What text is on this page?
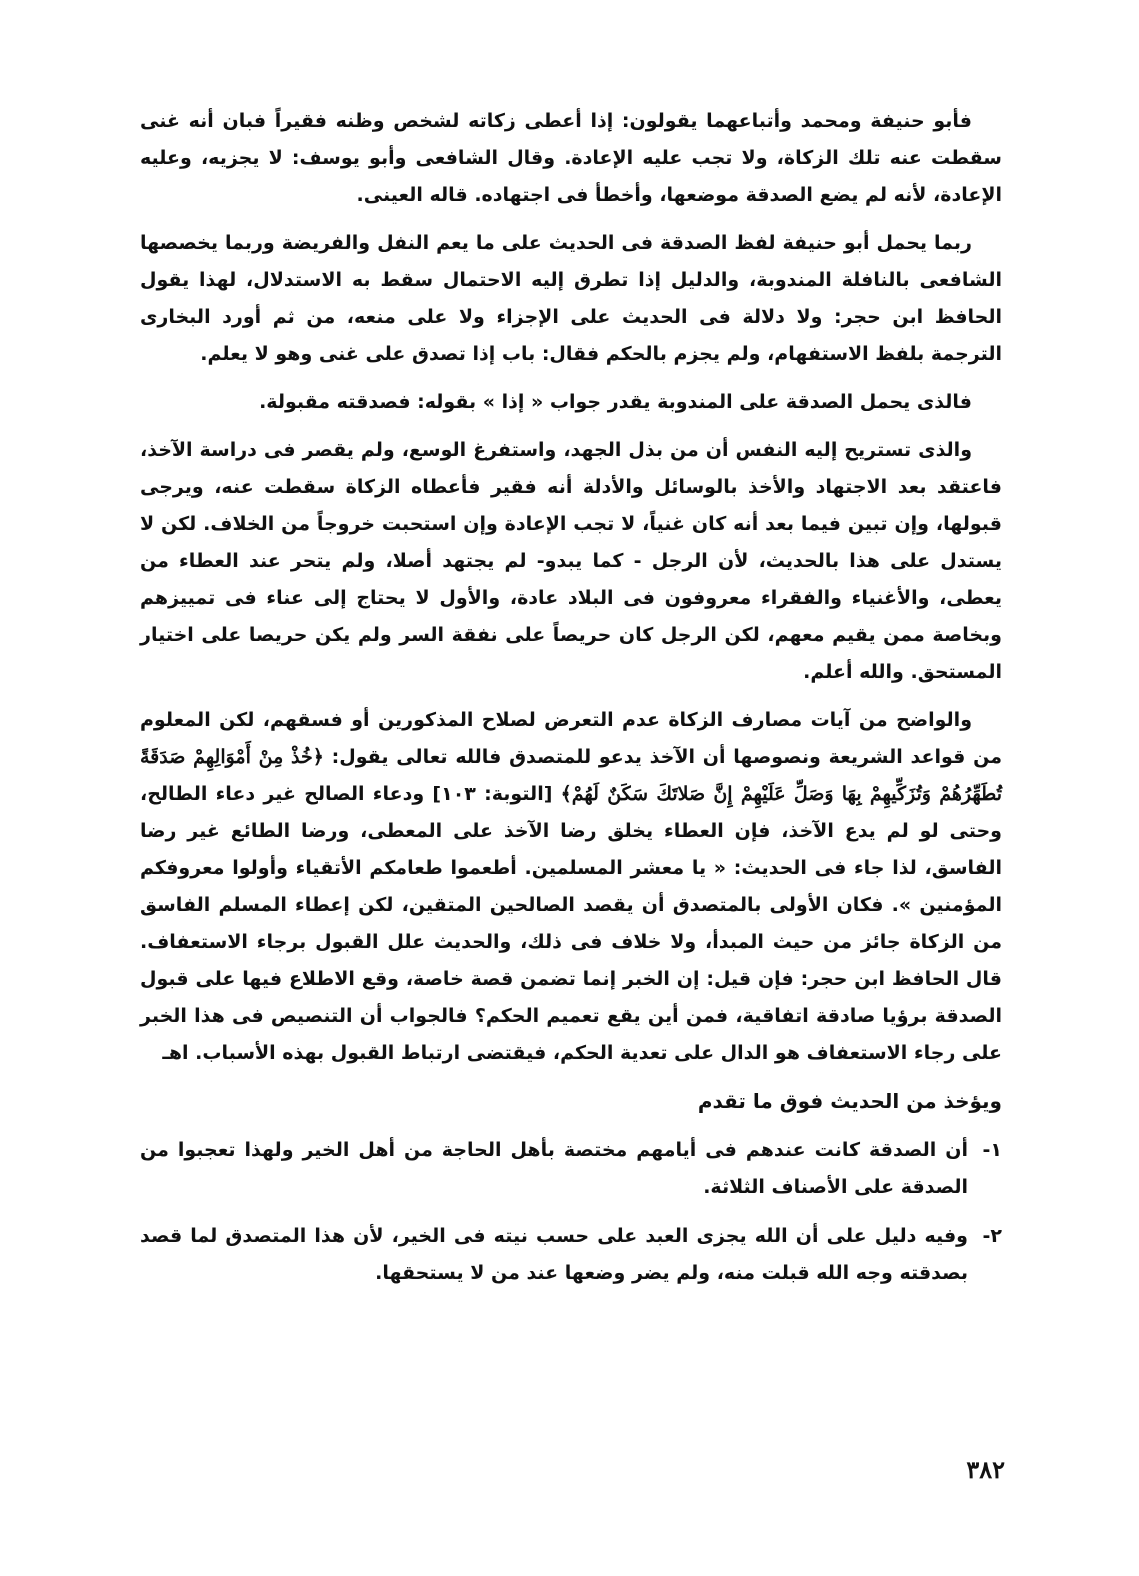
فأبو حنيفة ومحمد وأتباعهما يقولون: إذا أعطى زكاته لشخص وظنه فقيراً فبان أنه غنى سقطت عنه تلك الزكاة، ولا تجب عليه الإعادة. وقال الشافعى وأبو يوسف: لا يجزيه، وعليه الإعادة، لأنه لم يضع الصدقة موضعها، وأخطأ فى اجتهاده. قاله العينى.

ربما يحمل أبو حنيفة لفظ الصدقة فى الحديث على ما يعم النفل والفريضة وربما يخصصها الشافعى بالنافلة المندوبة، والدليل إذا تطرق إليه الاحتمال سقط به الاستدلال، لهذا يقول الحافظ ابن حجر: ولا دلالة فى الحديث على الإجزاء ولا على منعه، من ثم أورد البخارى الترجمة بلفظ الاستفهام، ولم يجزم بالحكم فقال: باب إذا تصدق على غنى وهو لا يعلم.

فالذى يحمل الصدقة على المندوبة يقدر جواب « إذا » بقوله: فصدقته مقبولة.

والذى تستريح إليه النفس أن من بذل الجهد، واستفرغ الوسع، ولم يقصر فى دراسة الآخذ، فاعتقد بعد الاجتهاد والأخذ بالوسائل والأدلة أنه فقير فأعطاه الزكاة سقطت عنه، ويرجى قبولها، وإن تبين فيما بعد أنه كان غنياً، لا تجب الإعادة وإن استحبت خروجاً من الخلاف. لكن لا يستدل على هذا بالحديث، لأن الرجل - كما يبدو- لم يجتهد أصلا، ولم يتحر عند العطاء من يعطى، والأغنياء والفقراء معروفون فى البلاد عادة، والأول لا يحتاج إلى عناء فى تمييزهم وبخاصة ممن يقيم معهم، لكن الرجل كان حريصاً على نفقة السر ولم يكن حريصا على اختيار المستحق. والله أعلم.

والواضح من آيات مصارف الزكاة عدم التعرض لصلاح المذكورين أو فسقهم، لكن المعلوم من قواعد الشريعة ونصوصها أن الآخذ يدعو للمتصدق فالله تعالى يقول: ﴿خُذْ مِنْ أَمْوَالِهِمْ صَدَقَةً تُطَهِّرُهُمْ وَتُزَكِّيهِمْ بِهَا وَصَلِّ عَلَيْهِمْ إِنَّ صَلاتَكَ سَكَنٌ لَهُمْ﴾ [التوبة: ١٠٣] ودعاء الصالح غير دعاء الطالح، وحتى لو لم يدع الآخذ، فإن العطاء يخلق رضا الآخذ على المعطى، ورضا الطائع غير رضا الفاسق، لذا جاء فى الحديث: « يا معشر المسلمين. أطعموا طعامكم الأتقياء وأولوا معروفكم المؤمنين ». فكان الأولى بالمتصدق أن يقصد الصالحين المتقين، لكن إعطاء المسلم الفاسق من الزكاة جائز من حيث المبدأ، ولا خلاف فى ذلك، والحديث علل القبول برجاء الاستعفاف. قال الحافظ ابن حجر: فإن قيل: إن الخبر إنما تضمن قصة خاصة، وقع الاطلاع فيها على قبول الصدقة برؤيا صادقة اتفاقية، فمن أين يقع تعميم الحكم؟ فالجواب أن التنصيص فى هذا الخبر على رجاء الاستعفاف هو الدال على تعدية الحكم، فيقتضى ارتباط القبول بهذه الأسباب. اهـ

ويؤخذ من الحديث فوق ما تقدم
١-
أن الصدقة كانت عندهم فى أيامهم مختصة بأهل الحاجة من أهل الخير ولهذا تعجبوا من الصدقة على الأصناف الثلاثة.
٢-
وفيه دليل على أن الله يجزى العبد على حسب نيته فى الخير، لأن هذا المتصدق لما قصد بصدقته وجه الله قبلت منه، ولم يضر وضعها عند من لا يستحقها.
٣٨٢
